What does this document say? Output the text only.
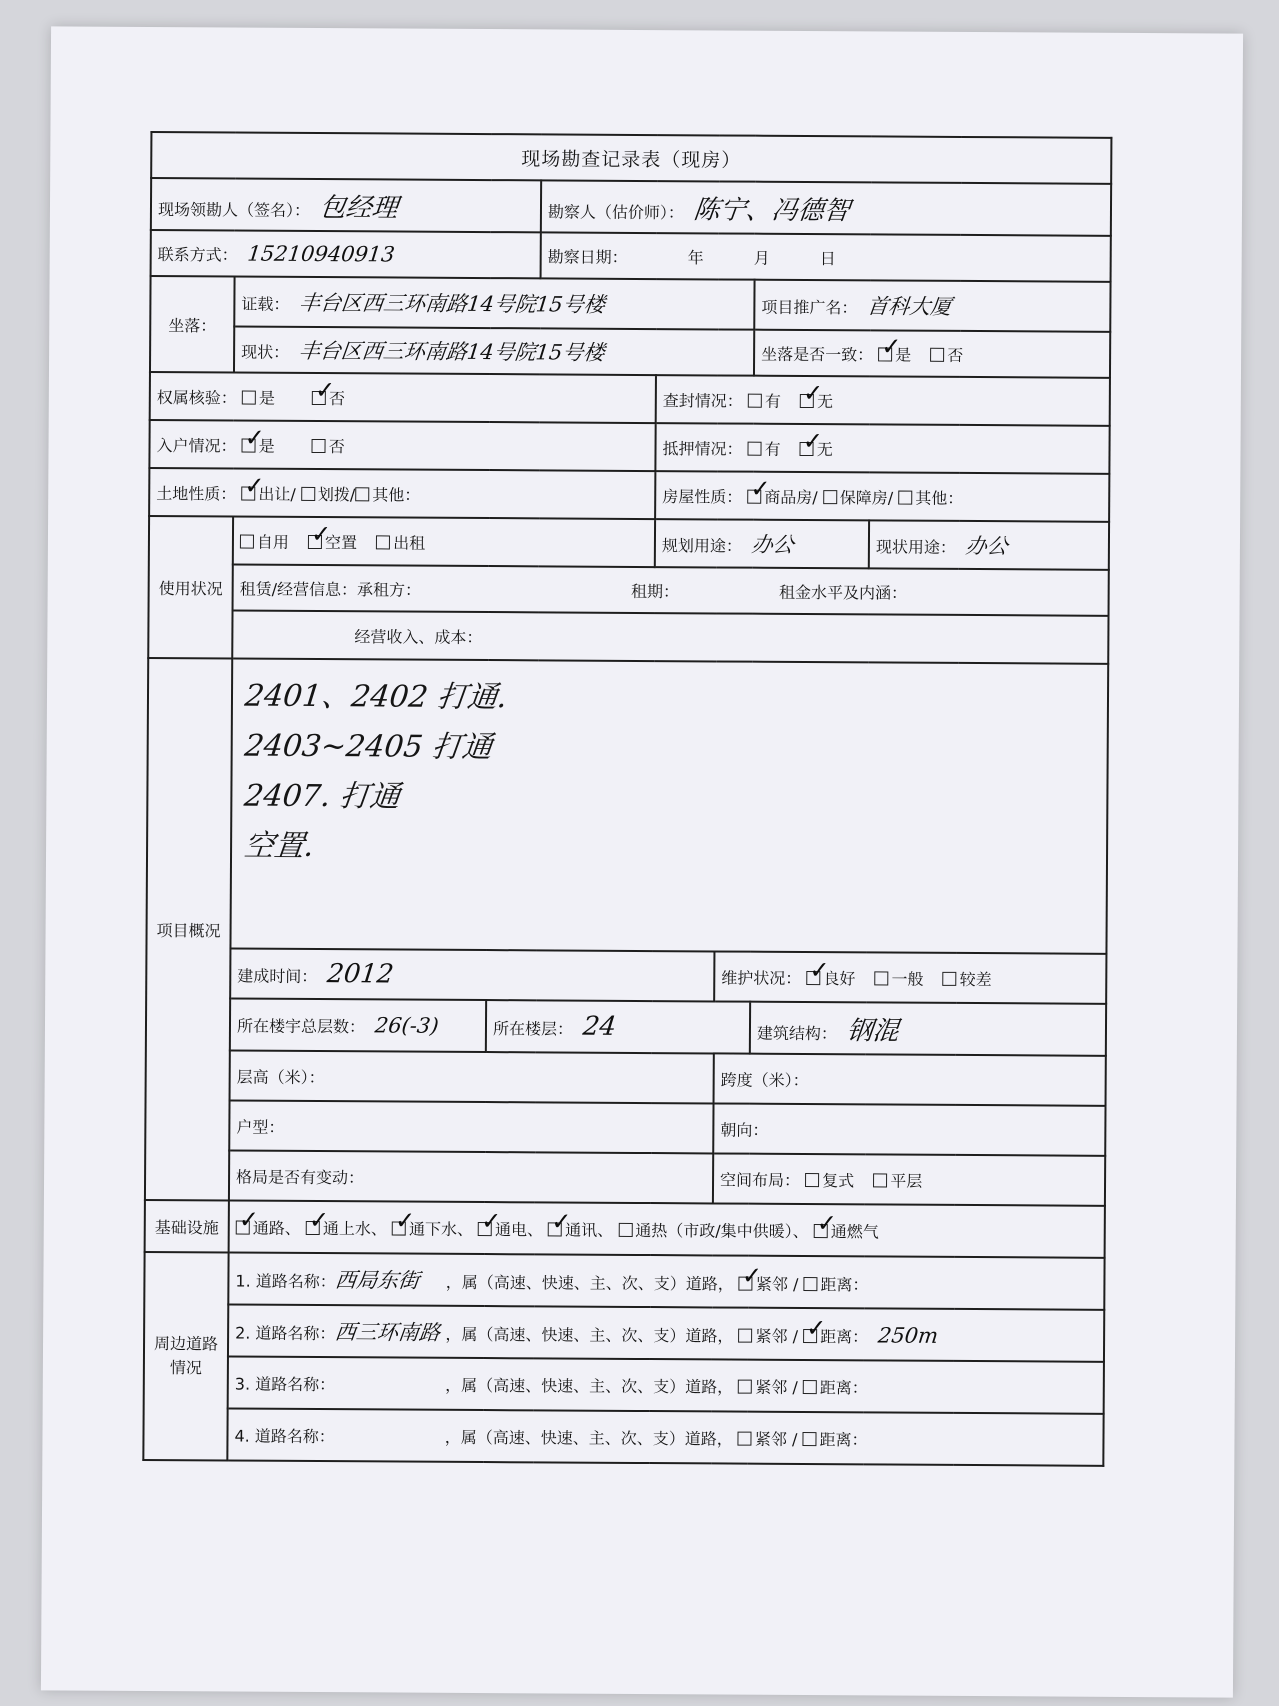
现场勘查记录表（现房）							
现场领勘人（签名）： 包经理			勘察人（估价师）： 陈宁、冯德智				
联系方式： 15210940913			勘察日期： 年 月 日				
坐落：	证载： 丰台区西三环南路14号院15号楼					项目推广名： 首科大厦	
	现状： 丰台区西三环南路14号院15号楼					坐落是否一致： ✓ 是 否
权属核验： 是 ✓ 否				查封情况： 有 ✓ 无
入户情况： ✓ 是 否				抵押情况： 有 ✓ 无
土地性质： ✓ 出让/ 划拨/ 其他：				房屋性质： ✓ 商品房/ 保障房/ 其他：
使用状况	自用 ✓ 空置 出租			规划用途： 办公			现状用途： 办公
	租赁/经营信息：承租方： 租期： 租金水平及内涵：						
	经营收入、成本：						
项目概况	2401、2402 打通.
2403~2405 打通
2407. 打通
空置.						

	建成时间： 2012				维护状况： ✓ 良好 一般 较差
	所在楼宇总层数： 26(-3)	所在楼层： 24				建筑结构： 钢混	
	层高（米）：				跨度（米）：		
	户型：				朝向：		
	格局是否有变动：				空间布局： 复式 平层		
基础设施	✓通路、 ✓ 通上水、 ✓ 通下水、 ✓ 通电、 ✓ 通讯、 通热（市政/集中供暖）、 ✓ 通燃气
周边道路
情况	1. 道路名称：西局东街 ，属（高速、快速、主、次、支）道路， ✓ 紧邻 / 距离：
	2. 道路名称：西三环南路 ，属（高速、快速、主、次、支）道路， 紧邻 / ✓ 距离： 250m
	3. 道路名称： ，属（高速、快速、主、次、支）道路， 紧邻 / 距离：						
	4. 道路名称： ，属（高速、快速、主、次、支）道路， 紧邻 / 距离：						
